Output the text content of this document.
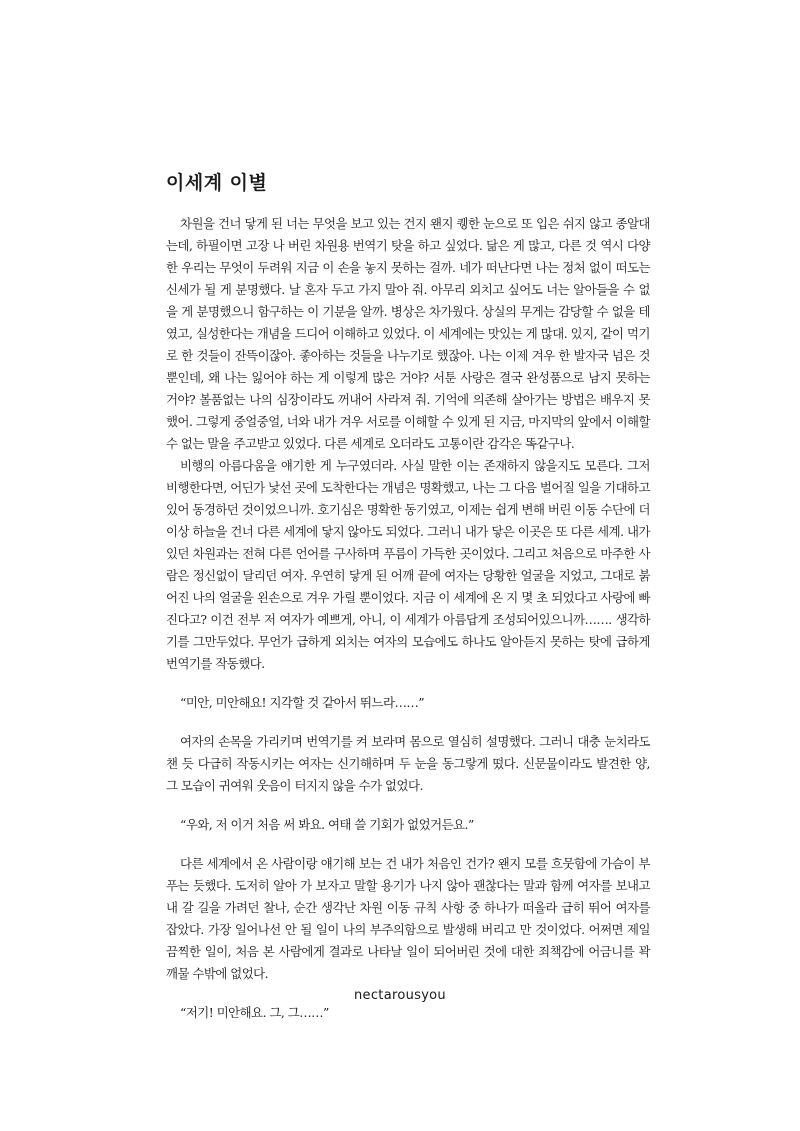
이세계 이별

차원을 건너 닿게 된 너는 무엇을 보고 있는 건지 왠지 퀭한 눈으로 또 입은 쉬지 않고 종알대는데, 하필이면 고장 나 버린 차원용 번역기 탓을 하고 싶었다. 닮은 게 많고, 다른 것 역시 다양한 우리는 무엇이 두려워 지금 이 손을 놓지 못하는 걸까. 네가 떠난다면 나는 정처 없이 떠도는 신세가 될 게 분명했다. 날 혼자 두고 가지 말아 줘. 아무리 외치고 싶어도 너는 알아들을 수 없을 게 분명했으니 함구하는 이 기분을 알까. 병상은 차가웠다. 상실의 무게는 감당할 수 없을 테였고, 실성한다는 개념을 드디어 이해하고 있었다. 이 세계에는 맛있는 게 많대. 있지, 같이 먹기로 한 것들이 잔뜩이잖아. 좋아하는 것들을 나누기로 했잖아. 나는 이제 겨우 한 발자국 넘은 것뿐인데, 왜 나는 잃어야 하는 게 이렇게 많은 거야? 서툰 사랑은 결국 완성품으로 남지 못하는 거야? 볼품없는 나의 심장이라도 꺼내어 사라져 줘. 기억에 의존해 살아가는 방법은 배우지 못했어. 그렇게 중얼중얼, 너와 내가 겨우 서로를 이해할 수 있게 된 지금, 마지막의 앞에서 이해할 수 없는 말을 주고받고 있었다. 다른 세계로 오더라도 고통이란 감각은 똑같구나.

비행의 아름다움을 얘기한 게 누구였더라. 사실 말한 이는 존재하지 않을지도 모른다. 그저 비행한다면, 어딘가 낯선 곳에 도착한다는 개념은 명확했고, 나는 그 다음 벌어질 일을 기대하고 있어 동경하던 것이었으니까. 호기심은 명확한 동기였고, 이제는 쉽게 변해 버린 이동 수단에 더 이상 하늘을 건너 다른 세계에 닿지 않아도 되었다. 그러니 내가 닿은 이곳은 또 다른 세계. 내가 있던 차원과는 전혀 다른 언어를 구사하며 푸름이 가득한 곳이었다. 그리고 처음으로 마주한 사람은 정신없이 달리던 여자. 우연히 닿게 된 어깨 끝에 여자는 당황한 얼굴을 지었고, 그대로 붉어진 나의 얼굴을 왼손으로 겨우 가릴 뿐이었다. 지금 이 세계에 온 지 몇 초 되었다고 사랑에 빠진다고? 이건 전부 저 여자가 예쁘게, 아니, 이 세계가 아름답게 조성되어있으니까……. 생각하기를 그만두었다. 무언가 급하게 외치는 여자의 모습에도 하나도 알아듣지 못하는 탓에 급하게 번역기를 작동했다.

“미안, 미안해요! 지각할 것 같아서 뛰느라……”

여자의 손목을 가리키며 번역기를 켜 보라며 몸으로 열심히 설명했다. 그러니 대충 눈치라도 챈 듯 다급히 작동시키는 여자는 신기해하며 두 눈을 동그랗게 떴다. 신문물이라도 발견한 양, 그 모습이 귀여워 웃음이 터지지 않을 수가 없었다.

“우와, 저 이거 처음 써 봐요. 여태 쓸 기회가 없었거든요.”

다른 세계에서 온 사람이랑 얘기해 보는 건 내가 처음인 건가? 왠지 모를 흐뭇함에 가슴이 부푸는 듯했다. 도저히 알아 가 보자고 말할 용기가 나지 않아 괜찮다는 말과 함께 여자를 보내고 내 갈 길을 가려던 찰나, 순간 생각난 차원 이동 규칙 사항 중 하나가 떠올라 급히 뛰어 여자를 잡았다. 가장 일어나선 안 될 일이 나의 부주의함으로 발생해 버리고 만 것이었다. 어쩌면 제일 끔찍한 일이, 처음 본 사람에게 결과로 나타날 일이 되어버린 것에 대한 죄책감에 어금니를 꽉 깨물 수밖에 없었다.

“저기! 미안해요. 그, 그……”

nectarousyou
